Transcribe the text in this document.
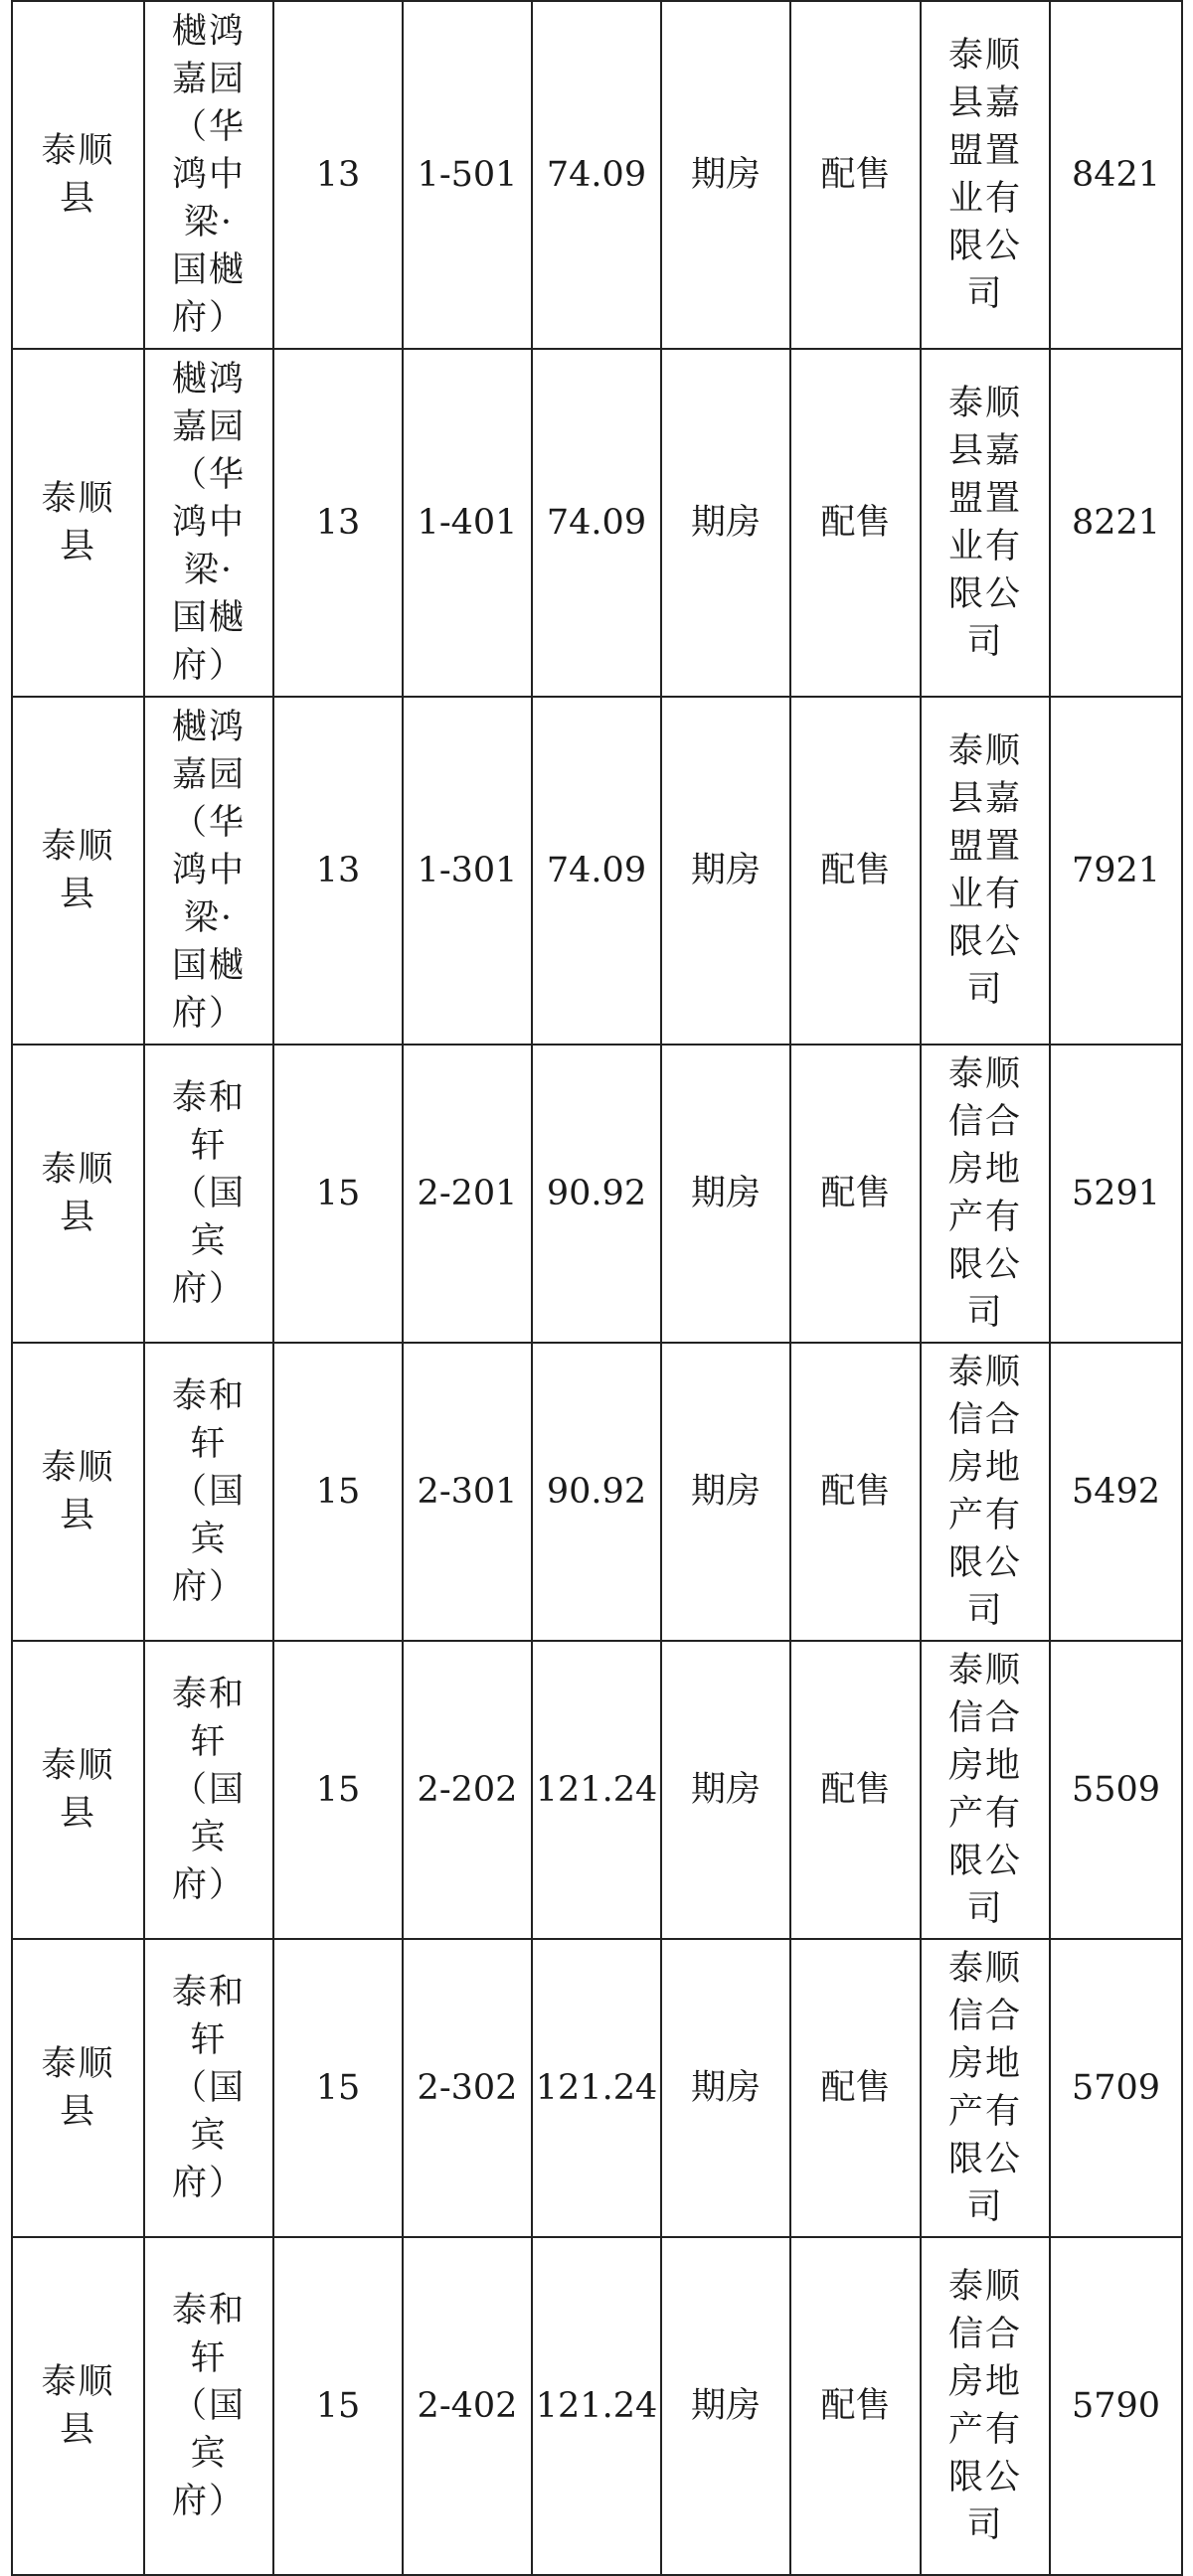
泰顺县	樾鸿嘉园（华鸿中梁·国樾府）	13	1-501	74.09	期房	配售	泰顺县嘉盟置业有限公司	8421

泰顺县	樾鸿嘉园（华鸿中梁·国樾府）	13	1-401	74.09	期房	配售	泰顺县嘉盟置业有限公司	8221

泰顺县	樾鸿嘉园（华鸿中梁·国樾府）	13	1-301	74.09	期房	配售	泰顺县嘉盟置业有限公司	7921

泰顺县	泰和轩（国宾府）	15	2-201	90.92	期房	配售	泰顺信合房地产有限公司	5291

泰顺县	泰和轩（国宾府）	15	2-301	90.92	期房	配售	泰顺信合房地产有限公司	5492

泰顺县	泰和轩（国宾府）	15	2-202	121.24	期房	配售	泰顺信合房地产有限公司	5509

泰顺县	泰和轩（国宾府）	15	2-302	121.24	期房	配售	泰顺信合房地产有限公司	5709

泰顺县	泰和轩（国宾府）	15	2-402	121.24	期房	配售	泰顺信合房地产有限公司	5790
